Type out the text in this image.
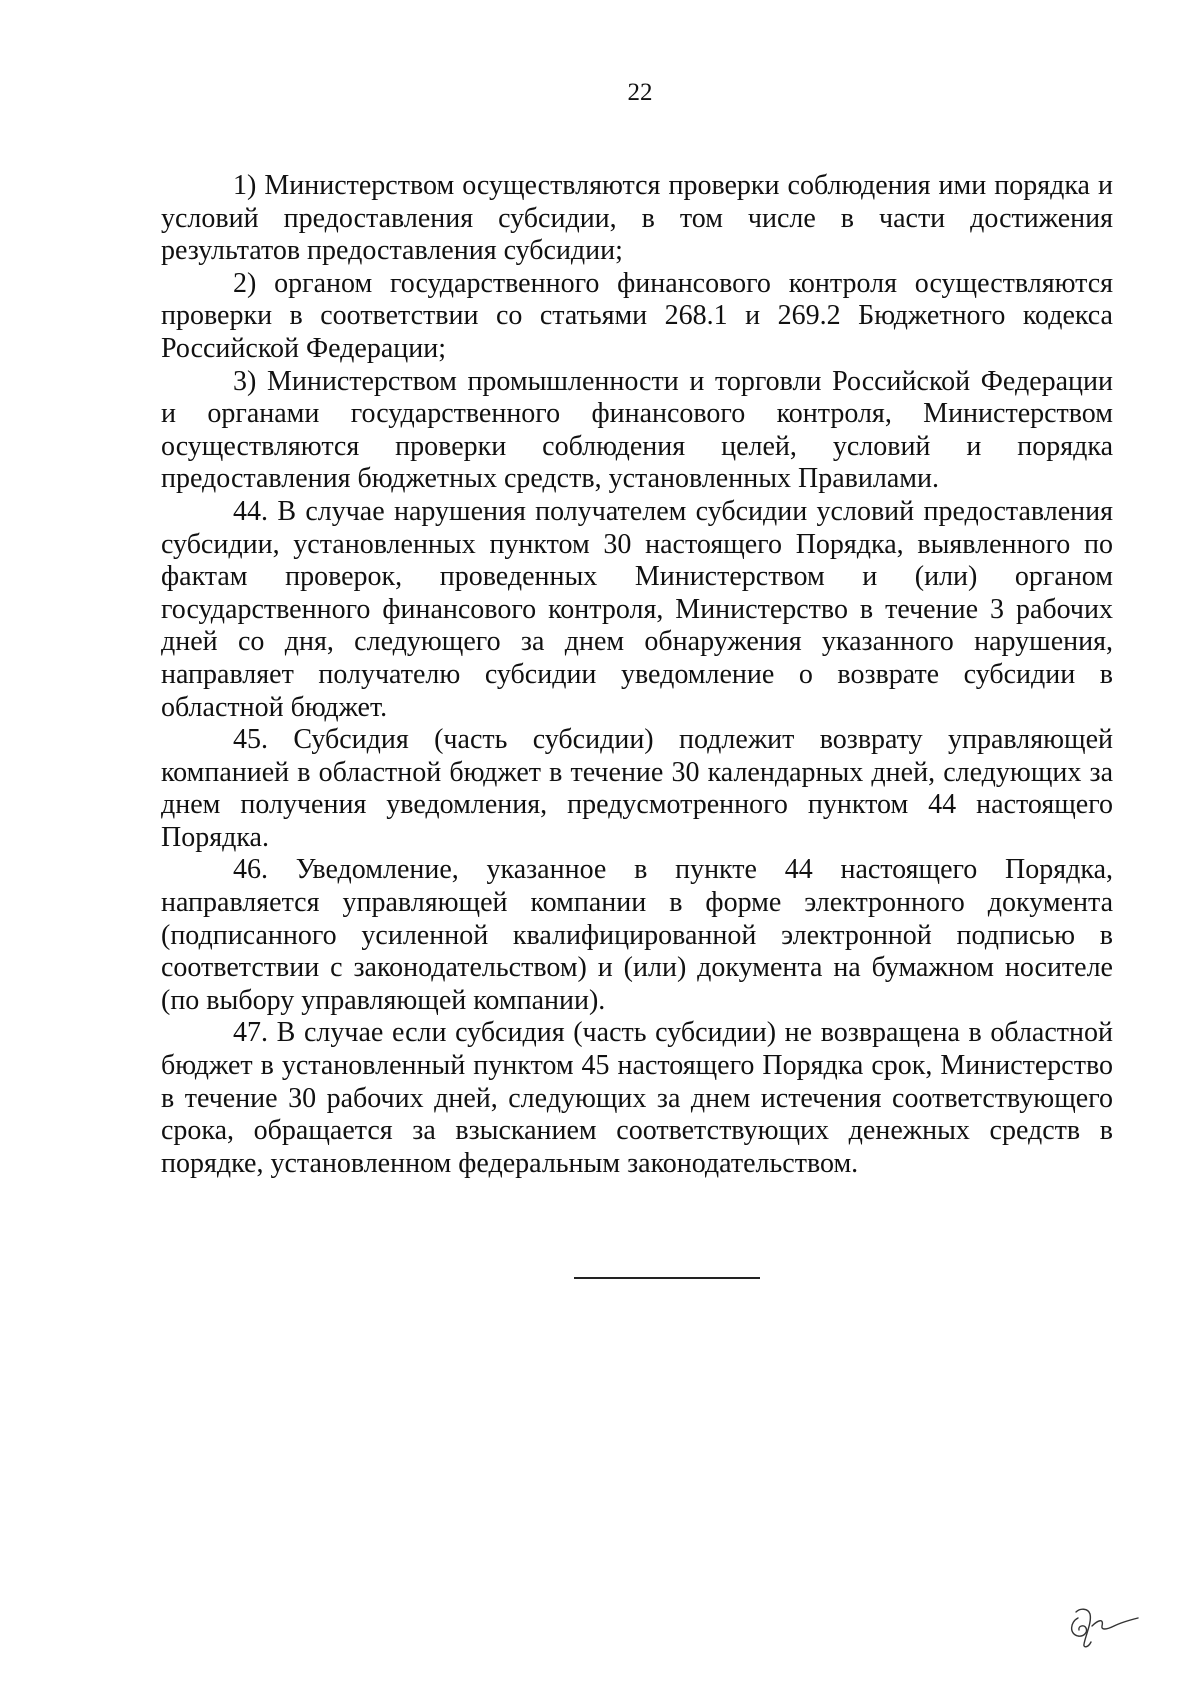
22

1) Министерством осуществляются проверки соблюдения ими порядка и условий предоставления субсидии, в том числе в части достижения результатов предоставления субсидии;

2) органом государственного финансового контроля осуществляются проверки в соответствии со статьями 268.1 и 269.2 Бюджетного кодекса Российской Федерации;

3) Министерством промышленности и торговли Российской Федерации и органами государственного финансового контроля, Министерством осуществляются проверки соблюдения целей, условий и порядка предоставления бюджетных средств, установленных Правилами.

44. В случае нарушения получателем субсидии условий предоставления субсидии, установленных пунктом 30 настоящего Порядка, выявленного по фактам проверок, проведенных Министерством и (или) органом государственного финансового контроля, Министерство в течение 3 рабочих дней со дня, следующего за днем обнаружения указанного нарушения, направляет получателю субсидии уведомление о возврате субсидии в областной бюджет.

45. Субсидия (часть субсидии) подлежит возврату управляющей компанией в областной бюджет в течение 30 календарных дней, следующих за днем получения уведомления, предусмотренного пунктом 44 настоящего Порядка.

46. Уведомление, указанное в пункте 44 настоящего Порядка, направляется управляющей компании в форме электронного документа (подписанного усиленной квалифицированной электронной подписью в соответствии с законодательством) и (или) документа на бумажном носителе (по выбору управляющей компании).

47. В случае если субсидия (часть субсидии) не возвращена в областной бюджет в установленный пунктом 45 настоящего Порядка срок, Министерство в течение 30 рабочих дней, следующих за днем истечения соответствующего срока, обращается за взысканием соответствующих денежных средств в порядке, установленном федеральным законодательством.
